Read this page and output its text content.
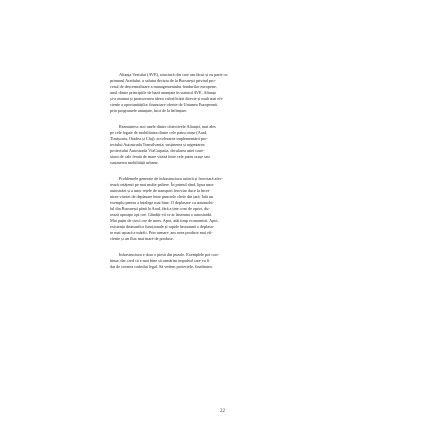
Alianța Vestului (AVE), structură din care am făcut și eu parte cu
primarul Aradului, a salutat decizia de la București privind pro-
cesul de descentralizare a managementului fondurilor europene,
unul dintre principiile de bază anunțate în statutul AVE. Alianța
și-a asumat și promovarea ideea valorificării directe și mult mai efi-
ciente a oportunităților financiare oferite de Uniunea Europeană,
prin programele anunțate, încă de la înființare.
Reamintesc aici unele dintre obiectivele Alianței, mai ales
pe cele legate de mobilitatea dintre cele patru orașe (Arad,
Timișoara, Oradea și Cluj): accelerarea implementării pro-
iectului Autostrada Transilvania; susținerea și urgentarea
proiectului Autostrada VíaCarpatia, derularea unei cone-
xiuni de cale ferată de mare viteză între cele patru orașe sau
susținerea mobilității urbane.
Problemele generate de infrastructura rutieră și feroviară afec-
tează cetățenii pe mai multe paliere. În primul rând, lipsa unor
autostrăzi și a unor rețele de transport feroviar duce la încet-
nirea vitezei de deplasare între punctele cheie din țară. Iată un
exemplu pentru a înțelege mai bine. O deplasare cu automobi-
lul din București până la Arad, fără a ține cont de opriri, du-
rează aproape opt ore. Gândiți-vă ce ar însemna o autostradă.
Mai puțin de cinci ore de mers. Apoi, atât timp economisit. Apoi,
existența drumurilor funcționale și rapide înseamnă o deplasa-
re mai ușoară a mărfii. Prin urmare, am avea produse mai efi-
ciente și un flux mai mare de produse.
Infrastructura e doar o piesă din puzzle. Exemplele pot con-
tinua, dar cred că e mai bine să urmărim impulsul care va fi
dat de crearea cadrului legal. Să vedem proiectele, finalitatea.
22
